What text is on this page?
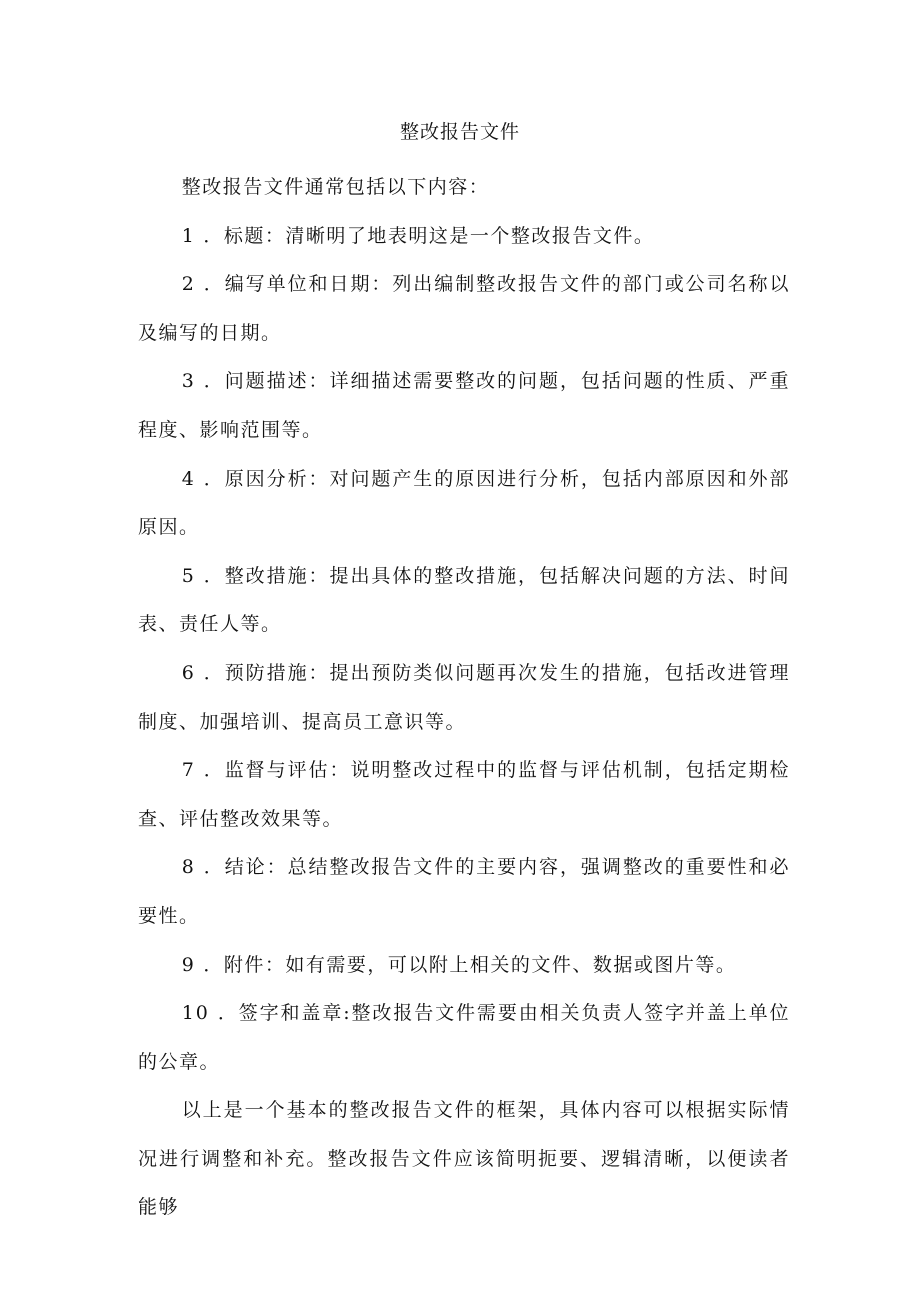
整改报告文件

整改报告文件通常包括以下内容：

1 ．标题：清晰明了地表明这是一个整改报告文件。

2 ．编写单位和日期：列出编制整改报告文件的部门或公司名称以及编写的日期。

3 ．问题描述：详细描述需要整改的问题，包括问题的性质、严重程度、影响范围等。

4 ．原因分析：对问题产生的原因进行分析，包括内部原因和外部原因。

5 ．整改措施：提出具体的整改措施，包括解决问题的方法、时间表、责任人等。

6 ．预防措施：提出预防类似问题再次发生的措施，包括改进管理制度、加强培训、提高员工意识等。

7 ．监督与评估：说明整改过程中的监督与评估机制，包括定期检查、评估整改效果等。

8 ．结论：总结整改报告文件的主要内容，强调整改的重要性和必要性。

9 ．附件：如有需要，可以附上相关的文件、数据或图片等。

10 ．签字和盖章:整改报告文件需要由相关负责人签字并盖上单位的公章。

以上是一个基本的整改报告文件的框架，具体内容可以根据实际情况进行调整和补充。整改报告文件应该简明扼要、逻辑清晰，以便读者能够
